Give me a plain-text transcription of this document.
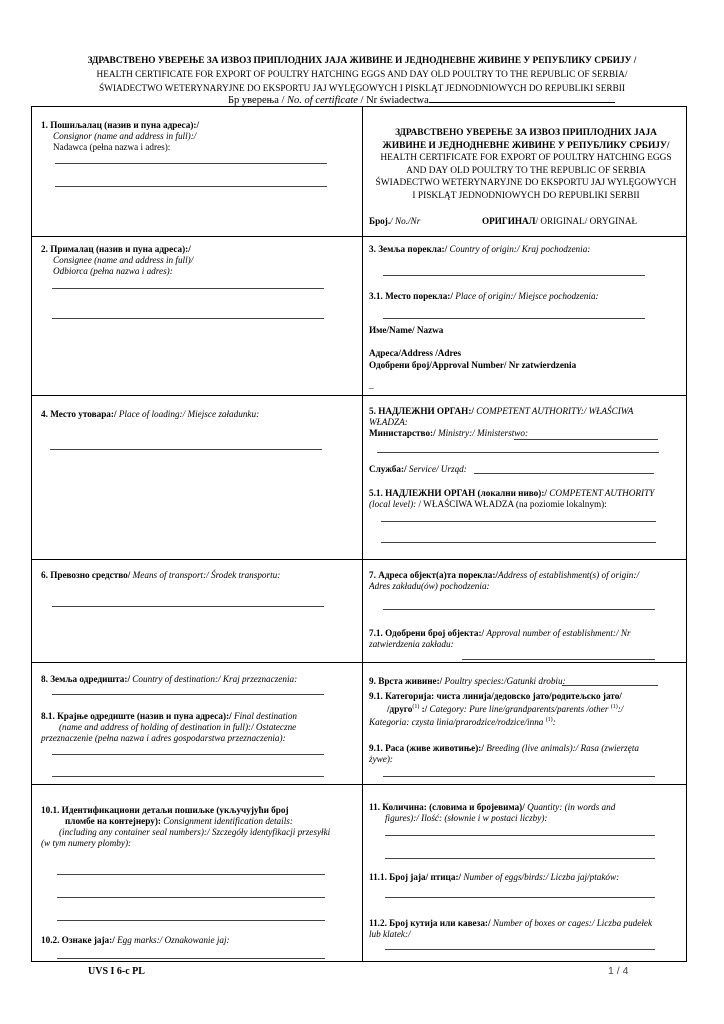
ЗДРАВСТВЕНО УВЕРЕЊЕ ЗА ИЗВОЗ ПРИПЛОДНИХ ЈАЈА ЖИВИНЕ И ЈЕДНОДНЕВНЕ ЖИВИНЕ У РЕПУБЛИКУ СРБИЈУ /
HEALTH CERTIFICATE FOR EXPORT OF POULTRY HATCHING EGGS AND DAY OLD POULTRY TO THE REPUBLIC OF SERBIA/
ŚWIADECTWO WETERYNARYJNE DO EKSPORTU JAJ WYLĘGOWYCH I PISKLĄT JEDNODNIOWYCH DO REPUBLIKI SERBII
Бр уверења / No. of certificate / Nr świadectwa
1. Пошиљалац (назив и пуна адреса):/
Consignor (name and address in full):/
Nadawca (pełna nazwa i adres):
ЗДРАВСТВЕНО УВЕРЕЊЕ ЗА ИЗВОЗ ПРИПЛОДНИХ ЈАЈА
ЖИВИНЕ И ЈЕДНОДНЕВНЕ ЖИВИНЕ У РЕПУБЛИКУ СРБИЈУ/
HEALTH CERTIFICATE FOR EXPORT OF POULTRY HATCHING EGGS
AND DAY OLD POULTRY TO THE REPUBLIC OF SERBIA
ŚWIADECTWO WETERYNARYJNE DO EKSPORTU JAJ WYLĘGOWYCH
I PISKLĄT JEDNODNIOWYCH DO REPUBLIKI SERBII
Број./ No./Nr	ОРИГИНАЛ/ ORIGINAL/ ORYGINAŁ
2. Прималац (назив и пуна адреса):/
Consignee (name and address in full)/
Odbiorca (pełna nazwa i adres):
3. Земља порекла:/ Country of origin:/ Kraj pochodzenia:
3.1. Место порекла:/ Place of origin:/ Miejsce pochodzenia:
Име/Name/ Nazwa
Адреса/Address /Adres
Одобрени број/Approval Number/ Nr zatwierdzenia
_
4. Место утовара:/ Place of loading:/ Miejsce załadunku:	5. НАДЛЕЖНИ ОРГАН:/ COMPETENT AUTHORITY:/ WŁAŚCIWA
WŁADZA:
Министарство:/ Ministry:/ Ministerstwo:
Служба:/ Service/ Urząd:
5.1. НАДЛЕЖНИ ОРГАН (локални ниво):/ COMPETENT AUTHORITY
(local level): / WŁAŚCIWA WŁADZA (na poziomie lokalnym):
6. Превозно средство/ Means of transport:/ Środek transportu:	7. Адреса објект(а)та порекла:/Address of establishment(s) of origin:/
Adres zakładu(ów) pochodzenia:
7.1. Одобрени број објекта:/ Approval number of establishment:/ Nr
zatwierdzenia zakładu:
8. Земља одредишта:/ Country of destination:/ Kraj przeznaczenia:
8.1. Крајње одредиште (назив и пуна адреса):/ Final destination
(name and address of holding of destination in full):/ Ostateczne
przeznaczenie (pełna nazwa i adres gospodarstwa przeznaczenia):
9. Врста живине:/ Poultry species:/Gatunki drobiu:
9.1. Категорија: чиста линија/дедовско јато/родитељско јато/
/друго$^{(1)}$ :/ Category: Pure line/grandparents/parents /other $^{(1)}$:/
Kategoria: czysta linia/prarodzice/rodzice/inna $^{(1)}$:
9.1. Раса (живе животиње):/ Breeding (live animals):/ Rasa (zwierzęta
żywe):
10.1. Идентификациони детаљи пошиљке (укључујући број
пломбе на контејнеру): Consignment identification details:
(including any container seal numbers):/ Szczegóły identyfikacji przesyłki
(w tym numery plomby):
10.2. Ознаке јаја:/ Egg marks:/ Oznakowanie jaj:
11. Количина: (словима и бројевима)/ Quantity: (in words and
figures):/ Ilość: (słownie i w postaci liczby):
11.1. Број јаја/ птица:/ Number of eggs/birds:/ Liczba jaj/ptaków:
11.2. Број кутија или кавеза:/ Number of boxes or cages:/ Liczba pudełek
lub klatek:/
UVS I 6-c PL	1 / 4
